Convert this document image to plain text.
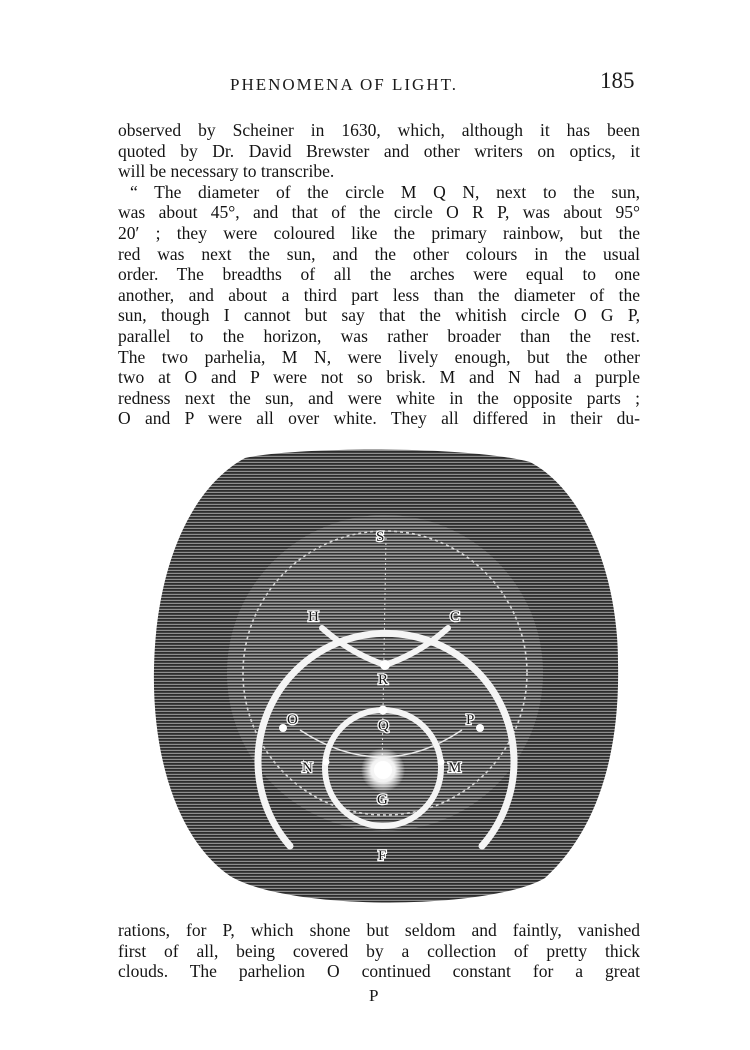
PHENOMENA OF LIGHT.	185
observed by Scheiner in 1630, which, although it has been
quoted by Dr. David Brewster and other writers on optics, it
will be necessary to transcribe.
“ The diameter of the circle M Q N, next to the sun,
was about 45°, and that of the circle O R P, was about 95°
20′ ; they were coloured like the primary rainbow, but the
red was next the sun, and the other colours in the usual
order. The breadths of all the arches were equal to one
another, and about a third part less than the diameter of the
sun, though I cannot but say that the whitish circle O G P,
parallel to the horizon, was rather broader than the rest.
The two parhelia, M N, were lively enough, but the other
two at O and P were not so brisk. M and N had a purple
redness next the sun, and were white in the opposite parts ;
O and P were all over white. They all differed in their du-
S
H	C
R
O	Q	P
N	M
G
F
rations, for P, which shone but seldom and faintly, vanished
first of all, being covered by a collection of pretty thick
clouds. The parhelion O continued constant for a great
P
